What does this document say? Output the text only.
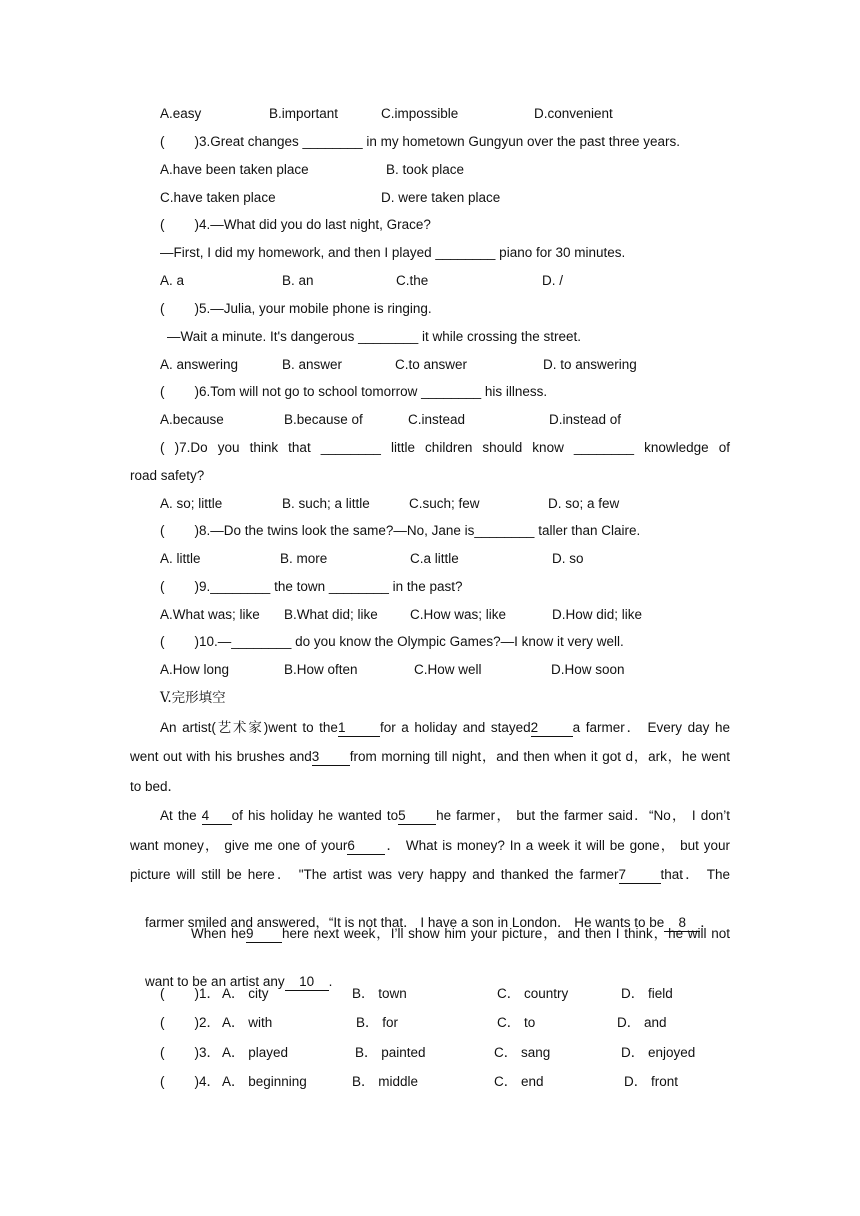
A.easy	B.important	C.impossible	D.convenient
(        )3.Great changes ________ in my hometown Gungyun over the past three years.
A.have been taken place	B. took place
C.have taken place	D. were taken place
(        )4.—What did you do last night, Grace?
—First, I did my homework, and then I played ________ piano for 30 minutes.
A. a	B. an	C.the	D. /
(        )5.—Julia, your mobile phone is ringing.
—Wait a minute. It's dangerous ________ it while crossing the street.
A. answering	B. answer	C.to answer	D. to answering
(        )6.Tom will not go to school tomorrow ________ his illness.
A.because	B.because of	C.instead	D.instead of
( )7.Do you think that ________ little children should know ________ knowledge of
road safety?
A. so; little	B. such; a little	C.such; few	D. so; a few
(        )8.—Do the twins look the same?—No, Jane is________ taller than Claire.
A. little	B. more	C.a little	D. so
(        )9.________ the town ________ in the past?
A.What was; like B.What did; like C.How was; like	D.How did; like
(        )10.—________ do you know the Olympic Games?—I know it very well.
A.How long	B.How often	C.How well	D.How soon
V.完形填空
An artist(艺术家)went to the1	for a holiday and stayed2	a farmer． Every day he
went out with his brushes and3 from morning till night，and then when it got d，ark，he went
to bed．
At the 4 of his holiday he wanted to5 he farmer， but the farmer said．“No， I don’t
want money， give me one of your6 ． What is money? In a week it will be gone， but your
picture will still be here． "The artist was very happy and thanked the farmer7	that． The

farmer smiled and answered，“It is not that． I have a son in London． He wants to be 8 ．

When he9 here next week，I’ll show him your picture，and then I think，he will not

want to be an artist any 10 .

(        )1． A． city	B． town	C． country	D． field
(        )2． A． with	B． for	C． to	D． and
(        )3． A． played	B． painted	C． sang	D． enjoyed
(        )4． A． beginning	B． middle	C． end	D． front
